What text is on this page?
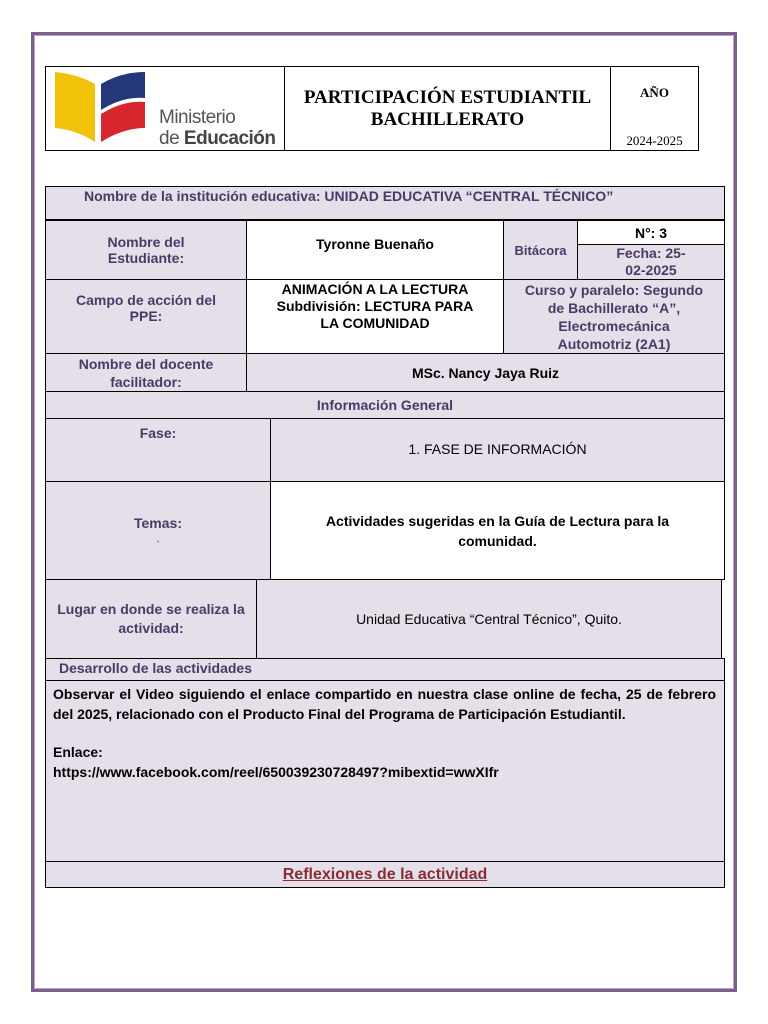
Ministerio
de Educación
PARTICIPACIÓN ESTUDIANTIL
BACHILLERATO
AÑO
2024-2025
Nombre de la institución educativa: UNIDAD EDUCATIVA “CENTRAL TÉCNICO”
Nombre del Estudiante:
Tyronne Buenaño	Bitácora
N°: 3
Fecha: 25-02-2025
Campo de acción del PPE:
ANIMACIÓN A LA LECTURA
Subdivisión: LECTURA PARA LA COMUNIDAD
Curso y paralelo: Segundo de Bachillerato “A”, Electromecánica Automotriz (2A1)
Nombre del docente facilitador:
MSc. Nancy Jaya Ruiz
Información General
Fase:
1. FASE DE INFORMACIÓN
Temas:
.
Actividades sugeridas en la Guía de Lectura para la comunidad.
Lugar en donde se realiza la actividad:
Unidad Educativa “Central Técnico”, Quito.
Desarrollo de las actividades
Observar el Video siguiendo el enlace compartido en nuestra clase online de fecha, 25 de febrero del 2025, relacionado con el Producto Final del Programa de Participación Estudiantil.
Enlace:
https://www.facebook.com/reel/650039230728497?mibextid=wwXIfr
Reflexiones de la actividad
